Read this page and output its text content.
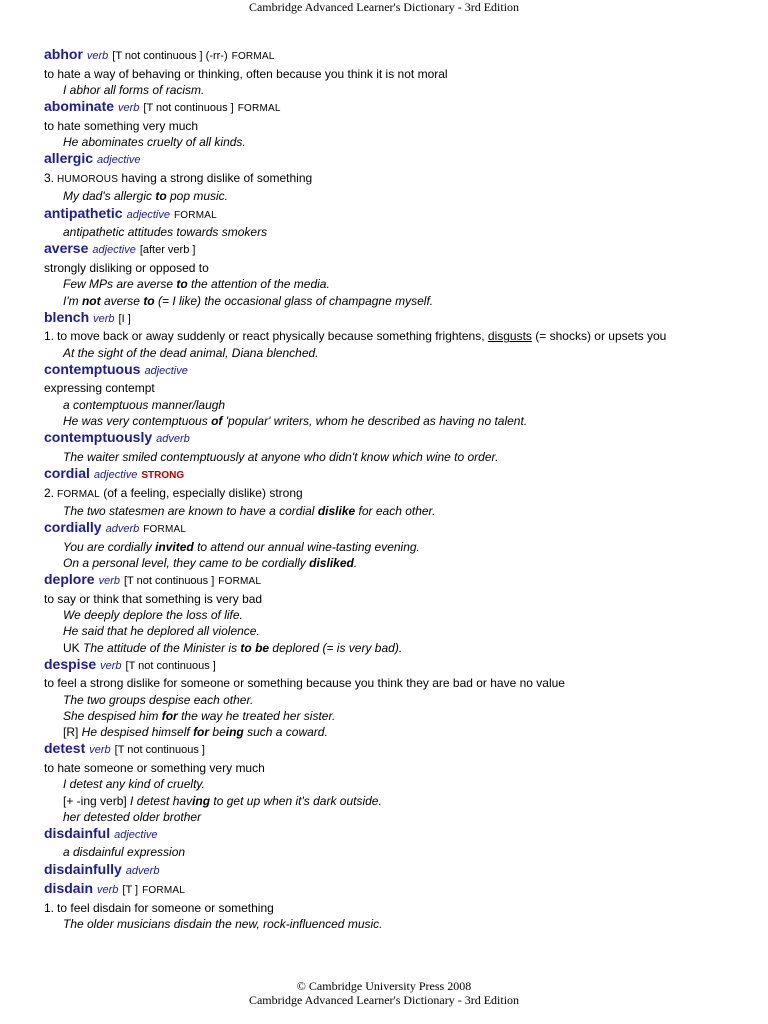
Cambridge Advanced Learner's Dictionary - 3rd Edition
abhor verb [T not continuous ] (-rr-) FORMAL
to hate a way of behaving or thinking, often because you think it is not moral
I abhor all forms of racism.
abominate verb [T not continuous ] FORMAL
to hate something very much
He abominates cruelty of all kinds.
allergic adjective
3. HUMOROUS having a strong dislike of something
My dad's allergic to pop music.
antipathetic adjective FORMAL
antipathetic attitudes towards smokers
averse adjective [after verb ]
strongly disliking or opposed to
Few MPs are averse to the attention of the media.
I'm not averse to (= I like) the occasional glass of champagne myself.
blench verb [I ]
1. to move back or away suddenly or react physically because something frightens, disgusts (= shocks) or upsets you
At the sight of the dead animal, Diana blenched.
contemptuous adjective
expressing contempt
a contemptuous manner/laugh
He was very contemptuous of 'popular' writers, whom he described as having no talent.
contemptuously adverb
The waiter smiled contemptuously at anyone who didn't know which wine to order.
cordial adjective STRONG
2. FORMAL (of a feeling, especially dislike) strong
The two statesmen are known to have a cordial dislike for each other.
cordially adverb FORMAL
You are cordially invited to attend our annual wine-tasting evening.
On a personal level, they came to be cordially disliked.
deplore verb [T not continuous ] FORMAL
to say or think that something is very bad
We deeply deplore the loss of life.
He said that he deplored all violence.
UK The attitude of the Minister is to be deplored (= is very bad).
despise verb [T not continuous ]
to feel a strong dislike for someone or something because you think they are bad or have no value
The two groups despise each other.
She despised him for the way he treated her sister.
[R] He despised himself for being such a coward.
detest verb [T not continuous ]
to hate someone or something very much
I detest any kind of cruelty.
[+ -ing verb] I detest having to get up when it's dark outside.
her detested older brother
disdainful adjective
a disdainful expression
disdainfully adverb
disdain verb [T ] FORMAL
1. to feel disdain for someone or something
The older musicians disdain the new, rock-influenced music.
© Cambridge University Press 2008
Cambridge Advanced Learner's Dictionary - 3rd Edition
